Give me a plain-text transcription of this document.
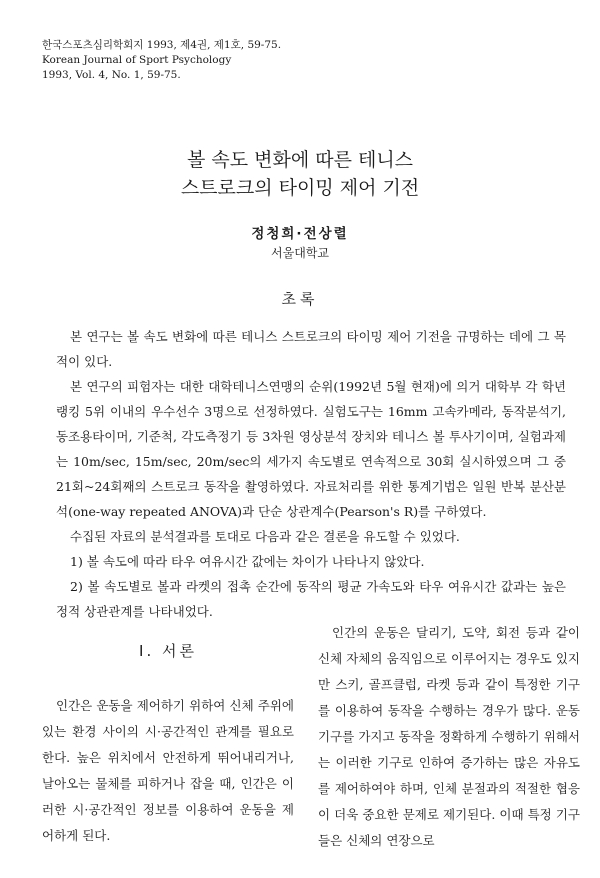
한국스포츠심리학회지 1993, 제4권, 제1호, 59-75.
Korean Journal of Sport Psychology
1993, Vol. 4, No. 1, 59-75.
볼 속도 변화에 따른 테니스
스트로크의 타이밍 제어 기전
정청희·전상렬
서울대학교
초록

본 연구는 볼 속도 변화에 따른 테니스 스트로크의 타이밍 제어 기전을 규명하는 데에 그 목적이 있다.

본 연구의 피험자는 대한 대학테니스연맹의 순위(1992년 5월 현재)에 의거 대학부 각 학년 랭킹 5위 이내의 우수선수 3명으로 선정하였다. 실험도구는 16mm 고속카메라, 동작분석기, 동조용타이머, 기준척, 각도측정기 등 3차원 영상분석 장치와 테니스 볼 투사기이며, 실험과제는 10m/sec, 15m/sec, 20m/sec의 세가지 속도별로 연속적으로 30회 실시하였으며 그 중 21회~24회째의 스트로크 동작을 촬영하였다. 자료처리를 위한 통계기법은 일원 반복 분산분석(one-way repeated ANOVA)과 단순 상관계수(Pearson's R)를 구하였다.

수집된 자료의 분석결과를 토대로 다음과 같은 결론을 유도할 수 있었다.

1) 볼 속도에 따라 타우 여유시간 값에는 차이가 나타나지 않았다.

2) 볼 속도별로 볼과 라켓의 접촉 순간에 동작의 평균 가속도와 타우 여유시간 값과는 높은 정적 상관관계를 나타내었다.

I. 서론

인간은 운동을 제어하기 위하여 신체 주위에 있는 환경 사이의 시·공간적인 관계를 필요로 한다. 높은 위치에서 안전하게 뛰어내리거나, 날아오는 물체를 피하거나 잡을 때, 인간은 이러한 시·공간적인 정보를 이용하여 운동을 제어하게 된다.

인간의 운동은 달리기, 도약, 회전 등과 같이 신체 자체의 움직임으로 이루어지는 경우도 있지만 스키, 골프클럽, 라켓 등과 같이 특정한 기구를 이용하여 동작을 수행하는 경우가 많다. 운동 기구를 가지고 동작을 정확하게 수행하기 위해서는 이러한 기구로 인하여 증가하는 많은 자유도를 제어하여야 하며, 인체 분절과의 적절한 협응이 더욱 중요한 문제로 제기된다. 이때 특정 기구들은 신체의 연장으로
